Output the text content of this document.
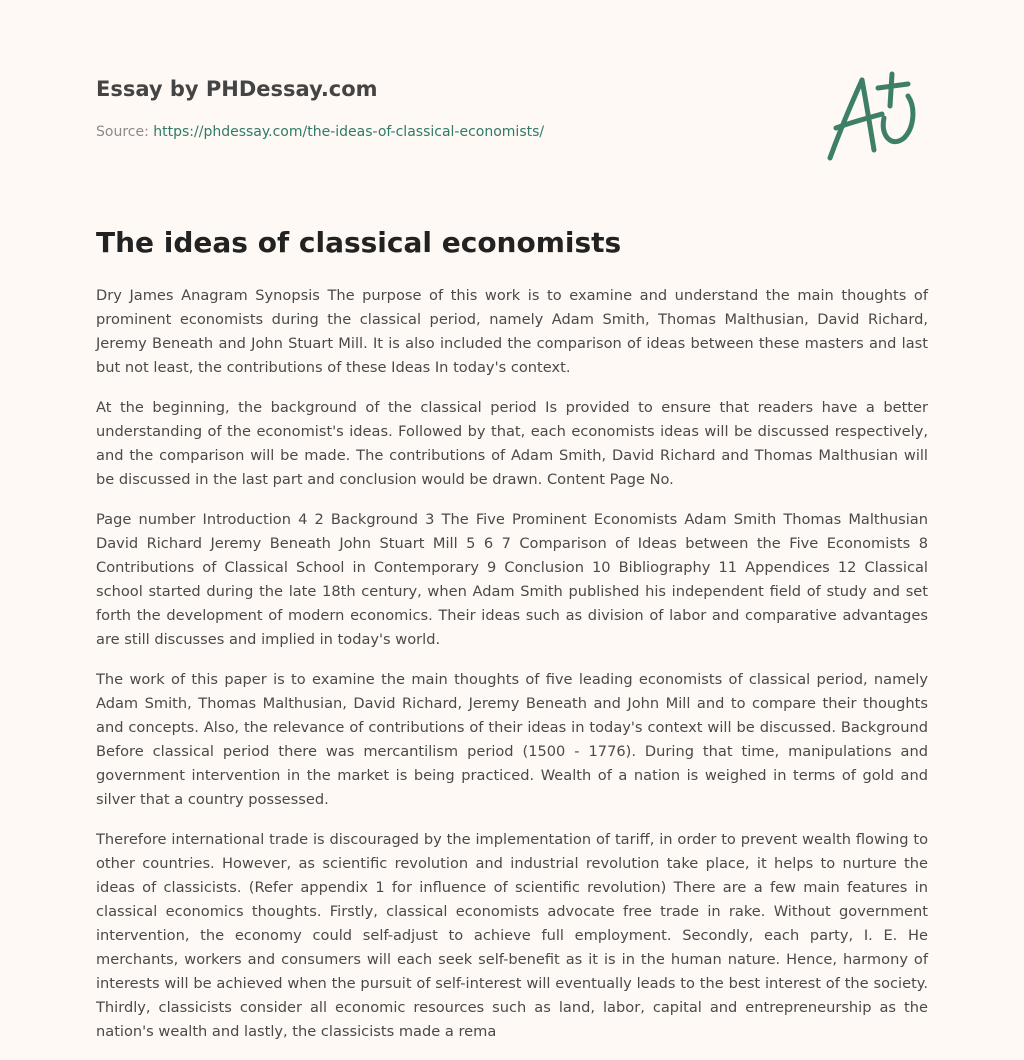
Essay by PHDessay.com
Source: https://phdessay.com/the-ideas-of-classical-economists/
The ideas of classical economists

Dry James Anagram Synopsis The purpose of this work is to examine and understand the main thoughts of prominent economists during the classical period, namely Adam Smith, Thomas Malthusian, David Richard, Jeremy Beneath and John Stuart Mill. It is also included the comparison of ideas between these masters and last but not least, the contributions of these Ideas In today's context.

At the beginning, the background of the classical period Is provided to ensure that readers have a better understanding of the economist's ideas. Followed by that, each economists ideas will be discussed respectively, and the comparison will be made. The contributions of Adam Smith, David Richard and Thomas Malthusian will be discussed in the last part and conclusion would be drawn. Content Page No.

Page number Introduction 4 2 Background 3 The Five Prominent Economists Adam Smith Thomas Malthusian David Richard Jeremy Beneath John Stuart Mill 5 6 7 Comparison of Ideas between the Five Economists 8 Contributions of Classical School in Contemporary 9 Conclusion 10 Bibliography 11 Appendices 12 Classical school started during the late 18th century, when Adam Smith published his independent field of study and set forth the development of modern economics. Their ideas such as division of labor and comparative advantages are still discusses and implied in today's world.

The work of this paper is to examine the main thoughts of five leading economists of classical period, namely Adam Smith, Thomas Malthusian, David Richard, Jeremy Beneath and John Mill and to compare their thoughts and concepts. Also, the relevance of contributions of their ideas in today's context will be discussed. Background Before classical period there was mercantilism period (1500 - 1776). During that time, manipulations and government intervention in the market is being practiced. Wealth of a nation is weighed in terms of gold and silver that a country possessed.

Therefore international trade is discouraged by the implementation of tariff, in order to prevent wealth flowing to other countries. However, as scientific revolution and industrial revolution take place, it helps to nurture the ideas of classicists. (Refer appendix 1 for influence of scientific revolution) There are a few main features in classical economics thoughts. Firstly, classical economists advocate free trade in rake. Without government intervention, the economy could self-adjust to achieve full employment. Secondly, each party, I. E. He merchants, workers and consumers will each seek self-benefit as it is in the human nature. Hence, harmony of interests will be achieved when the pursuit of self-interest will eventually leads to the best interest of the society. Thirdly, classicists consider all economic resources such as land, labor, capital and entrepreneurship as the nation's wealth and lastly, the classicists made a rema
